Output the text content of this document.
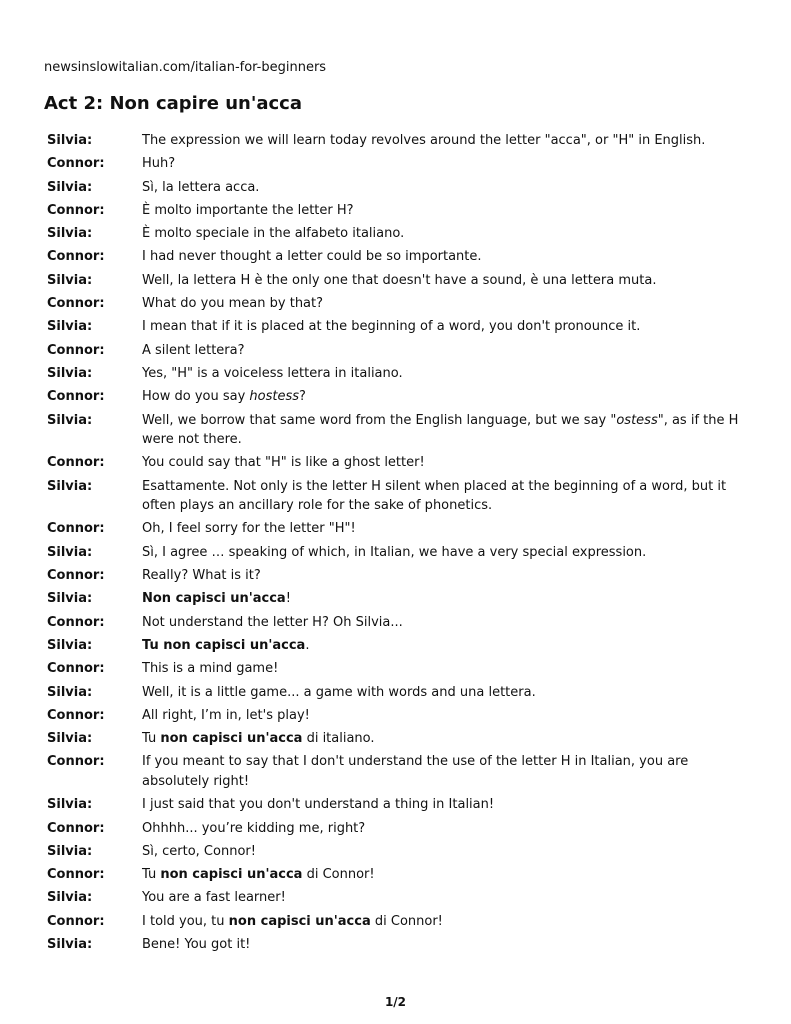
newsinslowitalian.com/italian-for-beginners
Act 2: Non capire un'acca
Silvia:	The expression we will learn today revolves around the letter "acca", or "H" in English.
Connor:	Huh?
Silvia:	Sì, la lettera acca.
Connor:	È molto importante the letter H?
Silvia:	È molto speciale in the alfabeto italiano.
Connor:	I had never thought a letter could be so importante.
Silvia:	Well, la lettera H è the only one that doesn't have a sound, è una lettera muta.
Connor:	What do you mean by that?
Silvia:	I mean that if it is placed at the beginning of a word, you don't pronounce it.
Connor:	A silent lettera?
Silvia:	Yes, "H" is a voiceless lettera in italiano.
Connor:	How do you say hostess?
Silvia:	Well, we borrow that same word from the English language, but we say "ostess", as if the H were not there.
Connor:	You could say that "H" is like a ghost letter!
Silvia:	Esattamente. Not only is the letter H silent when placed at the beginning of a word, but it often plays an ancillary role for the sake of phonetics.
Connor:	Oh, I feel sorry for the letter "H"!
Silvia:	Sì, I agree … speaking of which, in Italian, we have a very special expression.
Connor:	Really? What is it?
Silvia:	Non capisci un'acca!
Connor:	Not understand the letter H? Oh Silvia...
Silvia:	Tu non capisci un'acca.
Connor:	This is a mind game!
Silvia:	Well, it is a little game... a game with words and una lettera.
Connor:	All right, I’m in, let's play!
Silvia:	Tu non capisci un'acca di italiano.
Connor:	If you meant to say that I don't understand the use of the letter H in Italian, you are absolutely right!
Silvia:	I just said that you don't understand a thing in Italian!
Connor:	Ohhhh... you’re kidding me, right?
Silvia:	Sì, certo, Connor!
Connor:	Tu non capisci un'acca di Connor!
Silvia:	You are a fast learner!
Connor:	I told you, tu non capisci un'acca di Connor!
Silvia:	Bene! You got it!
1/2
